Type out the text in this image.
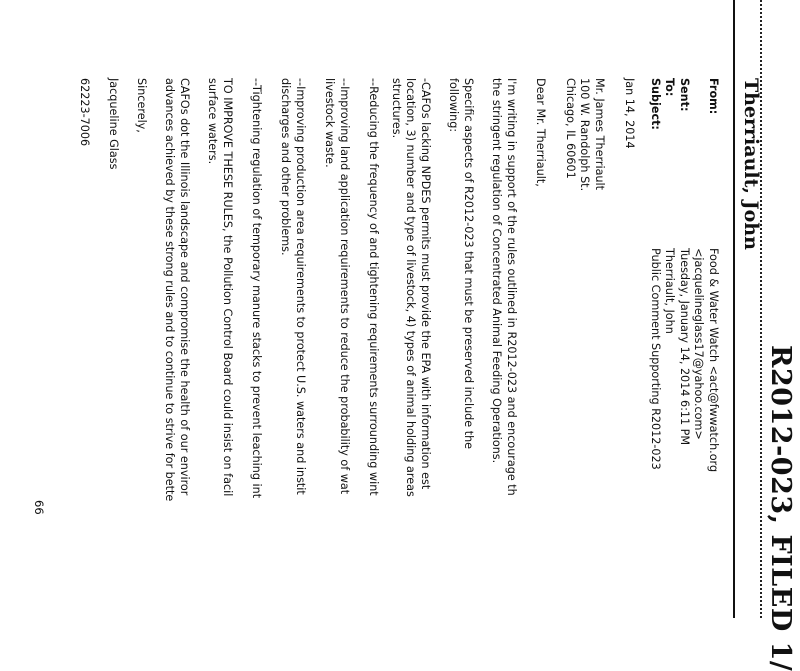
R2012-023, FILED 1/
Therriault, John
From:
Food & Water Watch <act@fwwatch.org
<jacquelineglass17@yahoo.com>
Sent:
Tuesday, January 14, 2014 6:11 PM
To:
Therriault, John
Subject:
Public Comment Supporting R2012-023
Jan 14, 2014
Mr. James Therriault
100 W. Randolph St.
Chicago, IL 60601
Dear Mr. Therriault,
I'm writing in support of the rules outlined in R2012-023 and encourage th
the stringent regulation of Concentrated Animal Feeding Operations.
Specific aspects of R2012-023 that must be preserved include the
following:
-CAFOs lacking NPDES permits must provide the EPA with information est
location, 3) number and type of livestock, 4) types of animal holding areas
structures.
--Reducing the frequency of and tightening requirements surrounding wint
--Improving land application requirements to reduce the probability of wat
livestock waste.
--Improving production area requirements to protect U.S. waters and instit
discharges and other problems.
--Tightening regulation of temporary manure stacks to prevent leaching int
TO IMPROVE THESE RULES, the Pollution Control Board could insist on facil
surface waters.
CAFOs dot the Illinois landscape and compromise the health of our enviror
advances achieved by these strong rules and to continue to strive for bette
Sincerely,
Jacqueline Glass
62223-7006
66
